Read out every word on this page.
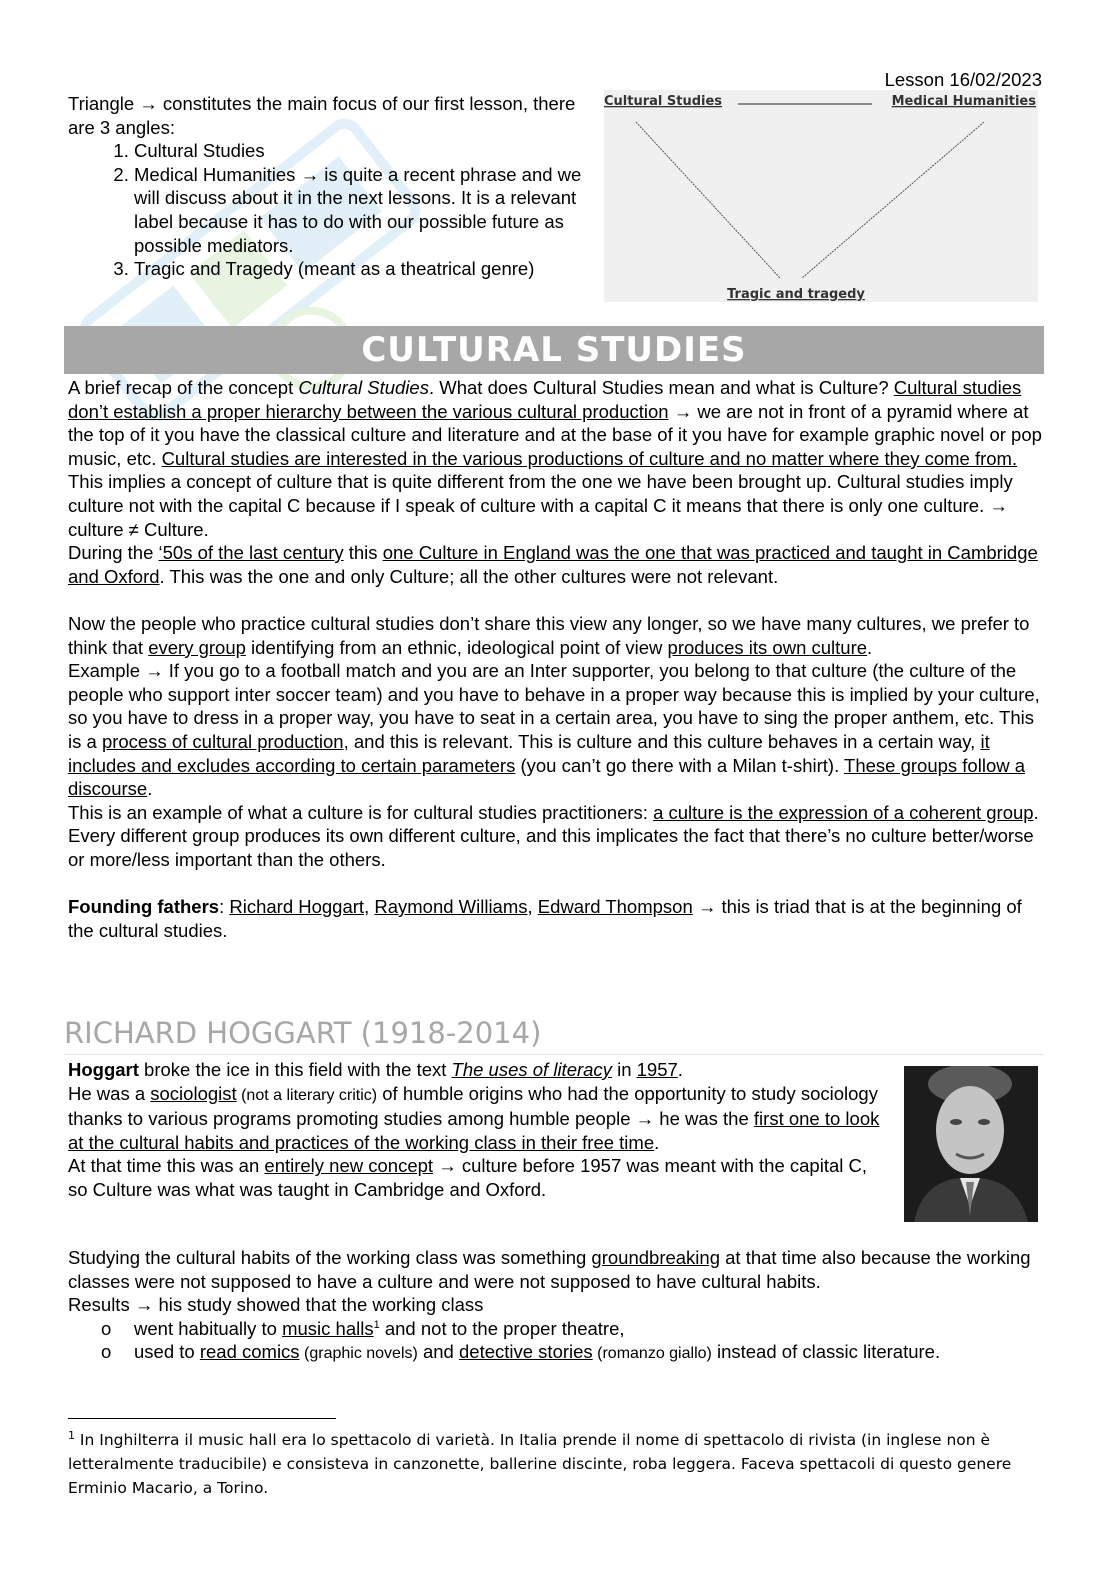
Lesson 16/02/2023

Triangle → constitutes the main focus of our first lesson, there are 3 angles:

1. Cultural Studies
2. Medical Humanities → is quite a recent phrase and we will discuss about it in the next lessons. It is a relevant label because it has to do with our possible future as possible mediators.
3. Tragic and Tragedy (meant as a theatrical genre)
Cultural Studies	Medical Humanities
Tragic and tragedy
CULTURAL STUDIES

A brief recap of the concept Cultural Studies. What does Cultural Studies mean and what is Culture? Cultural studies don’t establish a proper hierarchy between the various cultural production → we are not in front of a pyramid where at the top of it you have the classical culture and literature and at the base of it you have for example graphic novel or pop music, etc. Cultural studies are interested in the various productions of culture and no matter where they come from. This implies a concept of culture that is quite different from the one we have been brought up. Cultural studies imply culture not with the capital C because if I speak of culture with a capital C it means that there is only one culture. → culture ≠ Culture.

During the ‘50s of the last century this one Culture in England was the one that was practiced and taught in Cambridge and Oxford. This was the one and only Culture; all the other cultures were not relevant.

Now the people who practice cultural studies don’t share this view any longer, so we have many cultures, we prefer to think that every group identifying from an ethnic, ideological point of view produces its own culture.

Example → If you go to a football match and you are an Inter supporter, you belong to that culture (the culture of the people who support inter soccer team) and you have to behave in a proper way because this is implied by your culture, so you have to dress in a proper way, you have to seat in a certain area, you have to sing the proper anthem, etc. This is a process of cultural production, and this is relevant. This is culture and this culture behaves in a certain way, it includes and excludes according to certain parameters (you can’t go there with a Milan t-shirt). These groups follow a discourse.

This is an example of what a culture is for cultural studies practitioners: a culture is the expression of a coherent group.

Every different group produces its own different culture, and this implicates the fact that there’s no culture better/worse or more/less important than the others.

Founding fathers: Richard Hoggart, Raymond Williams, Edward Thompson → this is triad that is at the beginning of the cultural studies.

RICHARD HOGGART (1918-2014)

Hoggart broke the ice in this field with the text The uses of literacy in 1957.

He was a sociologist (not a literary critic) of humble origins who had the opportunity to study sociology thanks to various programs promoting studies among humble people → he was the first one to look at the cultural habits and practices of the working class in their free time.

At that time this was an entirely new concept → culture before 1957 was meant with the capital C, so Culture was what was taught in Cambridge and Oxford.

Studying the cultural habits of the working class was something groundbreaking at that time also because the working classes were not supposed to have a culture and were not supposed to have cultural habits.

Results → his study showed that the working class

o went habitually to music halls$^1$ and not to the proper theatre,
o used to read comics (graphic novels) and detective stories (romanzo giallo) instead of classic literature.
$^1$ In Inghilterra il music hall era lo spettacolo di varietà. In Italia prende il nome di spettacolo di rivista (in inglese non è letteralmente traducibile) e consisteva in canzonette, ballerine discinte, roba leggera. Faceva spettacoli di questo genere Erminio Macario, a Torino.
